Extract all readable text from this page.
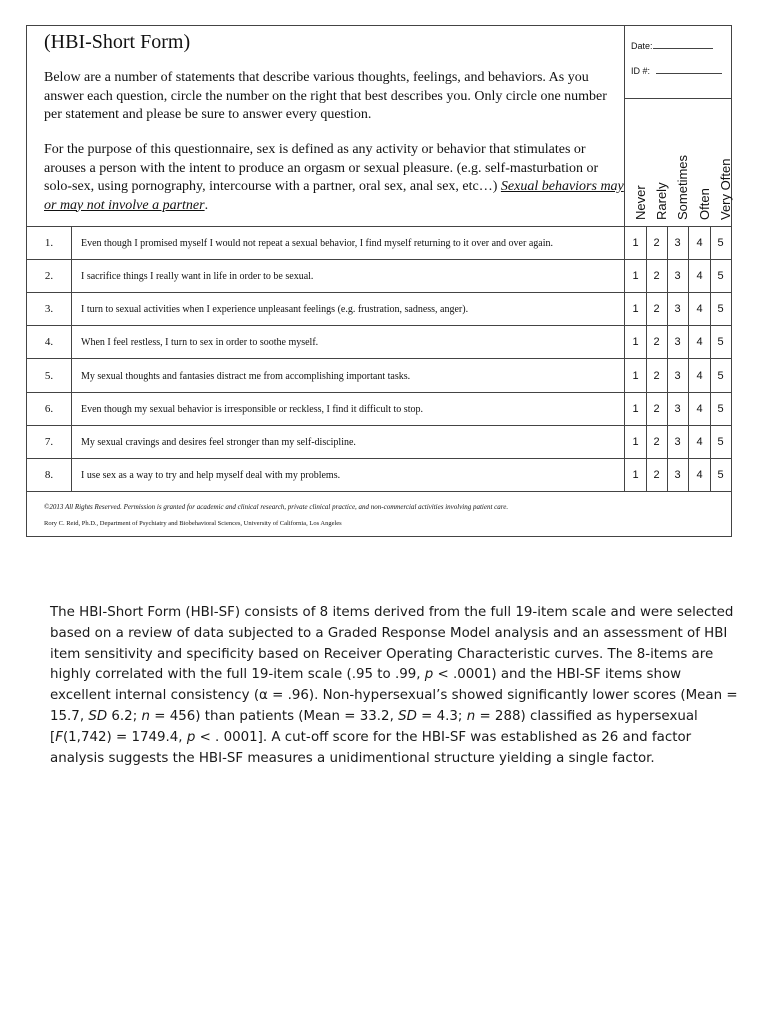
(HBI-Short Form)
Below are a number of statements that describe various thoughts, feelings, and behaviors. As you answer each question, circle the number on the right that best describes you. Only circle one number per statement and please be sure to answer every question.
For the purpose of this questionnaire, sex is defined as any activity or behavior that stimulates or arouses a person with the intent to produce an orgasm or sexual pleasure. (e.g. self-masturbation or solo-sex, using pornography, intercourse with a partner, oral sex, anal sex, etc…) Sexual behaviors may or may not involve a partner.
Date:
ID #:
Never Rarely Sometimes Often Very Often
1.	Even though I promised myself I would not repeat a sexual behavior, I find myself returning to it over and over again.	1	2	3	4	5
2.	I sacrifice things I really want in life in order to be sexual.	1	2	3	4	5
3.	I turn to sexual activities when I experience unpleasant feelings (e.g. frustration, sadness, anger).	1	2	3	4	5
4.	When I feel restless, I turn to sex in order to soothe myself.	1	2	3	4	5
5.	My sexual thoughts and fantasies distract me from accomplishing important tasks.	1	2	3	4	5
6.	Even though my sexual behavior is irresponsible or reckless, I find it difficult to stop.	1	2	3	4	5
7.	My sexual cravings and desires feel stronger than my self-discipline.	1	2	3	4	5
8.	I use sex as a way to try and help myself deal with my problems.	1	2	3	4	5
©2013 All Rights Reserved. Permission is granted for academic and clinical research, private clinical practice, and non-commercial activities involving patient care.
Rory C. Reid, Ph.D., Department of Psychiatry and Biobehavioral Sciences, University of California, Los Angeles
The HBI-Short Form (HBI-SF) consists of 8 items derived from the full 19-item scale and were selected based on a review of data subjected to a Graded Response Model analysis and an assessment of HBI item sensitivity and specificity based on Receiver Operating Characteristic curves. The 8-items are highly correlated with the full 19-item scale (.95 to .99, p < .0001) and the HBI-SF items show excellent internal consistency (α = .96). Non-hypersexual’s showed significantly lower scores (Mean = 15.7, SD 6.2; n = 456) than patients (Mean = 33.2, SD = 4.3; n = 288) classified as hypersexual [F(1,742) = 1749.4, p < . 0001]. A cut-off score for the HBI-SF was established as 26 and factor analysis suggests the HBI-SF measures a unidimentional structure yielding a single factor.
